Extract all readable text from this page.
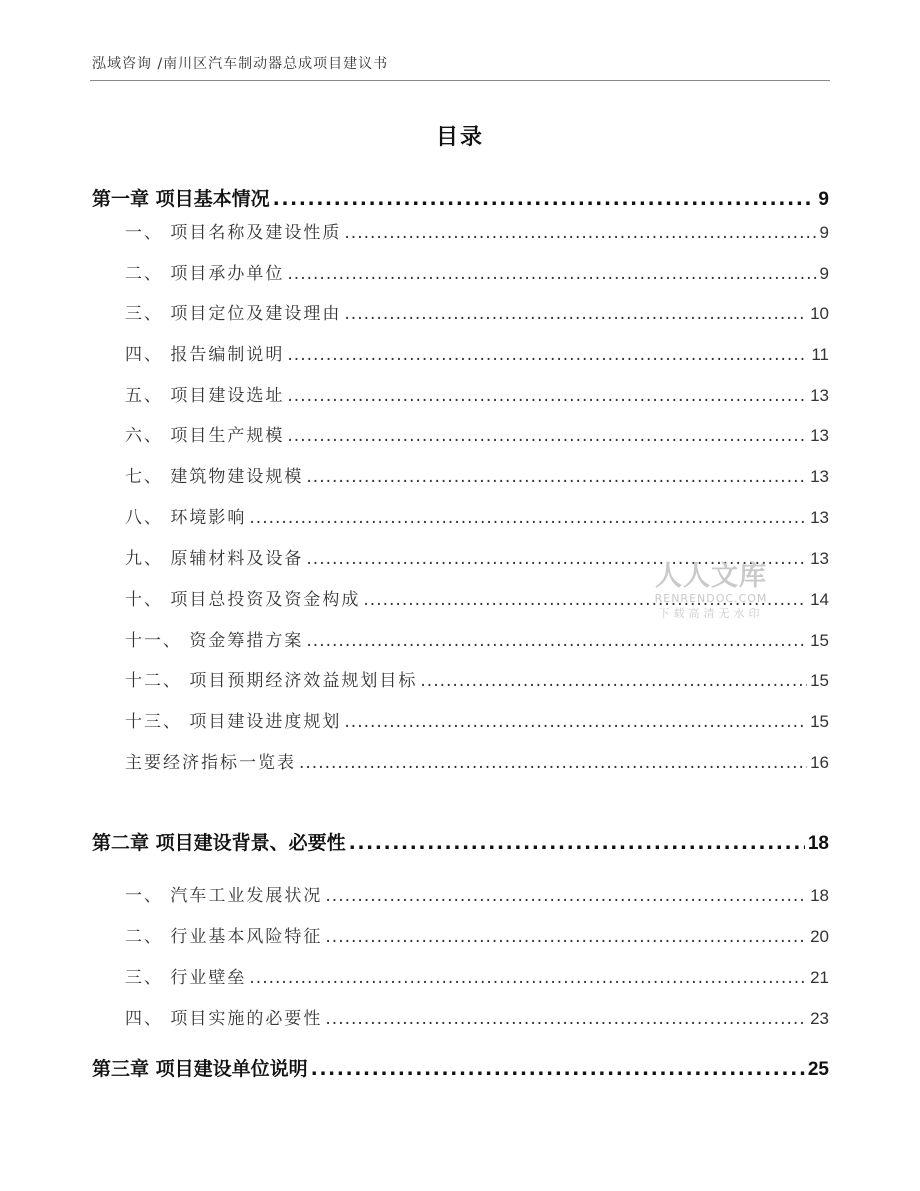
泓域咨询 /南川区汽车制动器总成项目建议书
目录
第一章 项目基本情况 .....	9
一、 项目名称及建设性质 .....	9
二、 项目承办单位 .....	9
三、 项目定位及建设理由 .....	10
四、 报告编制说明 .....	11
五、 项目建设选址 .....	13
六、 项目生产规模 .....	13
七、 建筑物建设规模 .....	13
八、 环境影响 .....	13
九、 原辅材料及设备 .....	13
十、 项目总投资及资金构成 .....	14
十一、 资金筹措方案 .....	15
十二、 项目预期经济效益规划目标 .....	15
十三、 项目建设进度规划 .....	15
主要经济指标一览表 .....	16
第二章 项目建设背景、必要性 .....	18
一、 汽车工业发展状况 .....	18
二、 行业基本风险特征 .....	20
三、 行业壁垒 .....	21
四、 项目实施的必要性 .....	23
第三章 项目建设单位说明 .....	25
人人文库
RENRENDOC.COM
下载高清无水印
